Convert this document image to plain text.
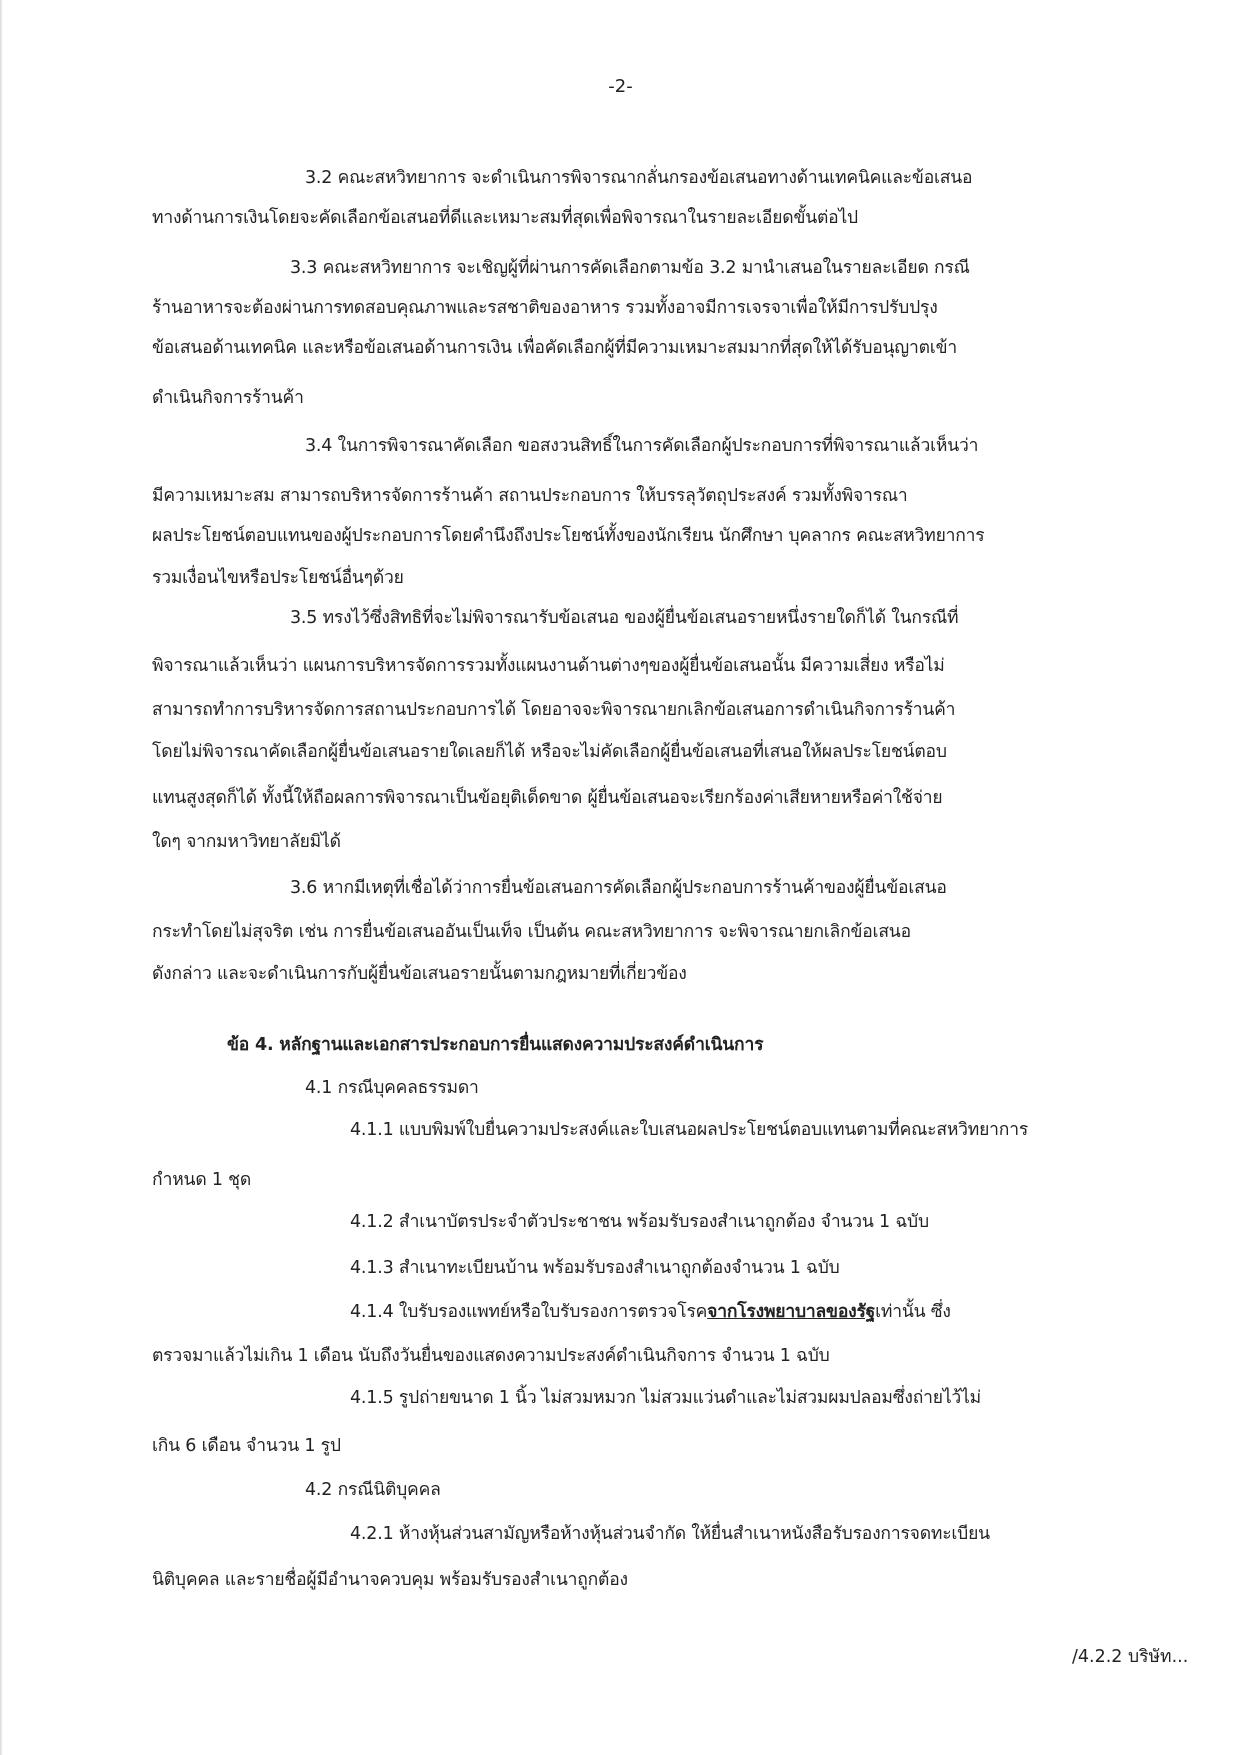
-2-
3.2 คณะสหวิทยาการ จะดำเนินการพิจารณากลั่นกรองข้อเสนอทางด้านเทคนิคและข้อเสนอ
ทางด้านการเงินโดยจะคัดเลือกข้อเสนอที่ดีและเหมาะสมที่สุดเพื่อพิจารณาในรายละเอียดขั้นต่อไป
3.3 คณะสหวิทยาการ จะเชิญผู้ที่ผ่านการคัดเลือกตามข้อ 3.2 มานำเสนอในรายละเอียด กรณี
ร้านอาหารจะต้องผ่านการทดสอบคุณภาพและรสชาติของอาหาร รวมทั้งอาจมีการเจรจาเพื่อให้มีการปรับปรุง
ข้อเสนอด้านเทคนิค และหรือข้อเสนอด้านการเงิน เพื่อคัดเลือกผู้ที่มีความเหมาะสมมากที่สุดให้ได้รับอนุญาตเข้า
ดำเนินกิจการร้านค้า
3.4 ในการพิจารณาคัดเลือก ขอสงวนสิทธิ์ในการคัดเลือกผู้ประกอบการที่พิจารณาแล้วเห็นว่า
มีความเหมาะสม สามารถบริหารจัดการร้านค้า สถานประกอบการ ให้บรรลุวัตถุประสงค์ รวมทั้งพิจารณา
ผลประโยชน์ตอบแทนของผู้ประกอบการโดยคำนึงถึงประโยชน์ทั้งของนักเรียน นักศึกษา บุคลากร คณะสหวิทยาการ
รวมเงื่อนไขหรือประโยชน์อื่นๆด้วย
3.5 ทรงไว้ซึ่งสิทธิที่จะไม่พิจารณารับข้อเสนอ ของผู้ยื่นข้อเสนอรายหนึ่งรายใดก็ได้ ในกรณีที่
พิจารณาแล้วเห็นว่า แผนการบริหารจัดการรวมทั้งแผนงานด้านต่างๆของผู้ยื่นข้อเสนอนั้น มีความเสี่ยง หรือไม่
สามารถทำการบริหารจัดการสถานประกอบการได้ โดยอาจจะพิจารณายกเลิกข้อเสนอการดำเนินกิจการร้านค้า
โดยไม่พิจารณาคัดเลือกผู้ยื่นข้อเสนอรายใดเลยก็ได้ หรือจะไม่คัดเลือกผู้ยื่นข้อเสนอที่เสนอให้ผลประโยชน์ตอบ
แทนสูงสุดก็ได้ ทั้งนี้ให้ถือผลการพิจารณาเป็นข้อยุติเด็ดขาด ผู้ยื่นข้อเสนอจะเรียกร้องค่าเสียหายหรือค่าใช้จ่าย
ใดๆ จากมหาวิทยาลัยมิได้
3.6 หากมีเหตุที่เชื่อได้ว่าการยื่นข้อเสนอการคัดเลือกผู้ประกอบการร้านค้าของผู้ยื่นข้อเสนอ
กระทำโดยไม่สุจริต เช่น การยื่นข้อเสนออันเป็นเท็จ เป็นต้น คณะสหวิทยาการ จะพิจารณายกเลิกข้อเสนอ
ดังกล่าว และจะดำเนินการกับผู้ยื่นข้อเสนอรายนั้นตามกฎหมายที่เกี่ยวข้อง
ข้อ 4. หลักฐานและเอกสารประกอบการยื่นแสดงความประสงค์ดำเนินการ
4.1 กรณีบุคคลธรรมดา
4.1.1 แบบพิมพ์ใบยื่นความประสงค์และใบเสนอผลประโยชน์ตอบแทนตามที่คณะสหวิทยาการ
กำหนด 1 ชุด
4.1.2 สำเนาบัตรประจำตัวประชาชน พร้อมรับรองสำเนาถูกต้อง จำนวน 1 ฉบับ
4.1.3 สำเนาทะเบียนบ้าน พร้อมรับรองสำเนาถูกต้องจำนวน 1 ฉบับ
4.1.4 ใบรับรองแพทย์หรือใบรับรองการตรวจโรคจากโรงพยาบาลของรัฐเท่านั้น ซึ่ง
ตรวจมาแล้วไม่เกิน 1 เดือน นับถึงวันยื่นของแสดงความประสงค์ดำเนินกิจการ จำนวน 1 ฉบับ
4.1.5 รูปถ่ายขนาด 1 นิ้ว ไม่สวมหมวก ไม่สวมแว่นดำและไม่สวมผมปลอมซึ่งถ่ายไว้ไม่
เกิน 6 เดือน จำนวน 1 รูป
4.2 กรณีนิติบุคคล
4.2.1 ห้างหุ้นส่วนสามัญหรือห้างหุ้นส่วนจำกัด ให้ยื่นสำเนาหนังสือรับรองการจดทะเบียน
นิติบุคคล และรายชื่อผู้มีอำนาจควบคุม พร้อมรับรองสำเนาถูกต้อง
/4.2.2 บริษัท...
